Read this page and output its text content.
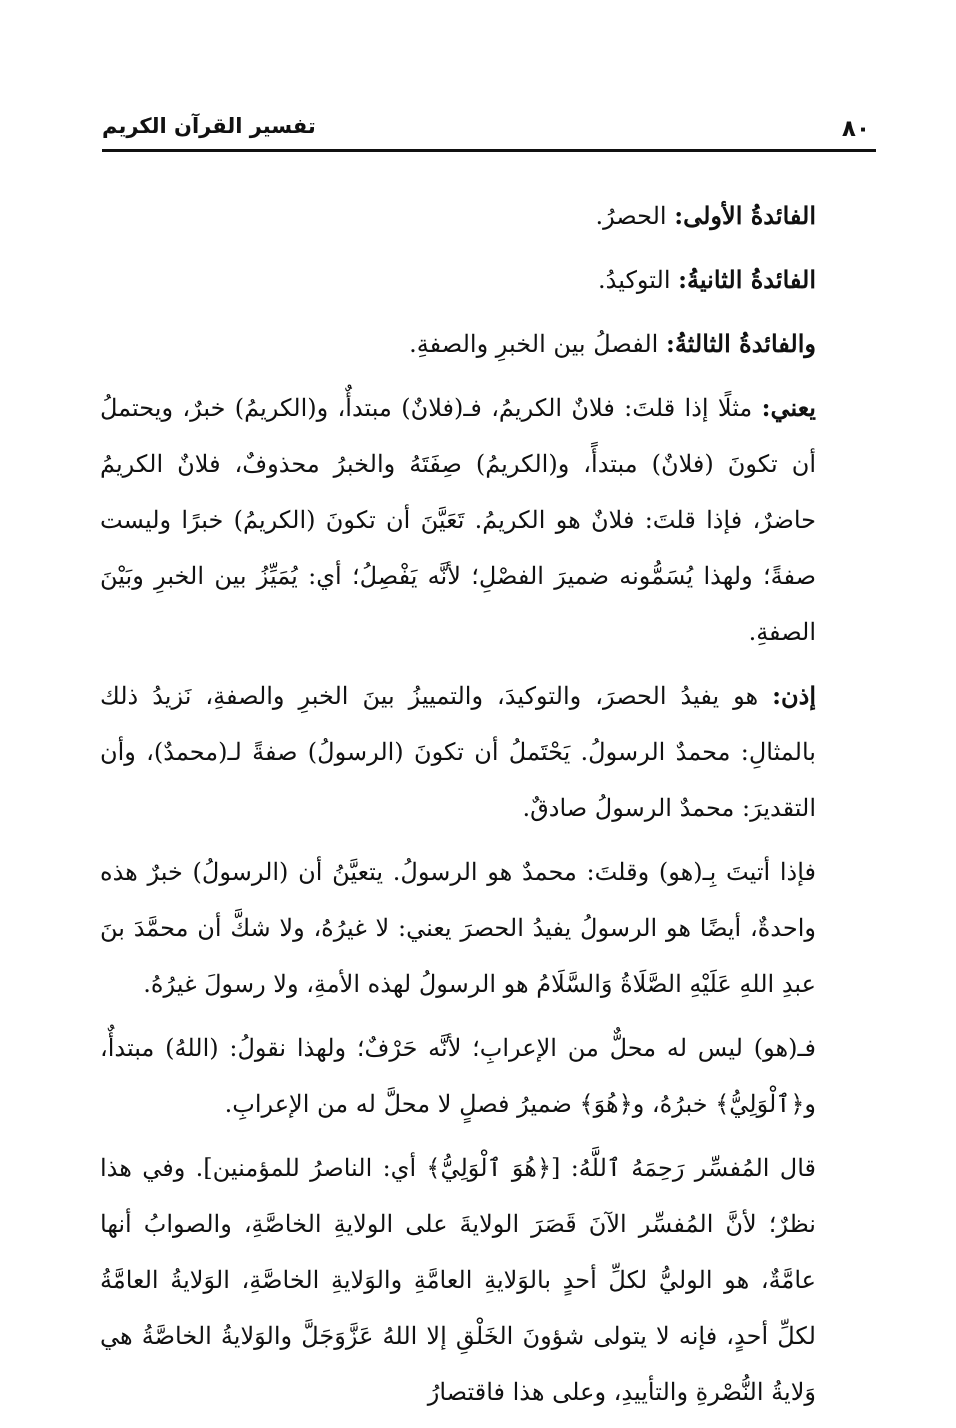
٨٠
تفسير القرآن الكريم

الفائدةُ الأولى: الحصرُ.

الفائدةُ الثانيةُ: التوكيدُ.

والفائدةُ الثالثةُ: الفصلُ بين الخبرِ والصفةِ.

يعني: مثلًا إذا قلتَ: فلانٌ الكريمُ، فـ(فلانٌ) مبتدأٌ، و(الكريمُ) خبرٌ، ويحتملُ أن تكونَ (فلانٌ) مبتدأً، و(الكريمُ) صِفَتَهُ والخبرُ محذوفٌ، فلانٌ الكريمُ حاضرٌ، فإذا قلتَ: فلانٌ هو الكريمُ. تَعَيَّنَ أن تكونَ (الكريمُ) خبرًا وليست صفةً؛ ولهذا يُسَمُّونه ضميرَ الفصْلِ؛ لأنَّه يَفْصِلُ؛ أي: يُمَيِّزُ بين الخبرِ وبَيْنَ الصفةِ.

إذن: هو يفيدُ الحصرَ، والتوكيدَ، والتمييزُ بينَ الخبرِ والصفةِ، نَزيدُ ذلك بالمثالِ: محمدٌ الرسولُ. يَحْتَملُ أن تكونَ (الرسولُ) صفةً لـ(محمدٌ)، وأن التقديرَ: محمدٌ الرسولُ صادقٌ.

فإذا أتيتَ بِـ(هو) وقلتَ: محمدٌ هو الرسولُ. يتعيَّنُ أن (الرسولُ) خبرٌ هذه واحدةٌ، أيضًا هو الرسولُ يفيدُ الحصرَ يعني: لا غيرُهُ، ولا شكَّ أن محمَّدَ بنَ عبدِ اللهِ عَلَيْهِ الصَّلَاةُ وَالسَّلَامُ هو الرسولُ لهذه الأمةِ، ولا رسولَ غيرُهُ.

فـ(هو) ليس له محلٌّ من الإعرابِ؛ لأنَّه حَرْفٌ؛ ولهذا نقولُ: (اللهُ) مبتدأٌ، و﴿ٱلْوَلِيُّ﴾ خبرُهُ، و﴿هُوَ﴾ ضميرُ فصلٍ لا محلَّ له من الإعرابِ.

قال المُفسِّر رَحِمَهُ ٱللَّهُ: [﴿هُوَ ٱلْوَلِيُّ﴾ أي: الناصرُ للمؤمنين]. وفي هذا نظرٌ؛ لأنَّ المُفسِّر الآنَ قَصَرَ الولايةَ على الولايةِ الخاصَّةِ، والصوابُ أنها عامَّةٌ، هو الوليُّ لكلِّ أحدٍ بالوَلايةِ العامَّةِ والوَلايةِ الخاصَّةِ، الوَلايةُ العامَّةُ لكلِّ أحدٍ، فإنه لا يتولى شؤونَ الخَلْقِ إلا اللهُ عَزَّوَجَلَّ والوَلايةُ الخاصَّةُ هي وَلايةُ النُّصْرةِ والتأييدِ، وعلى هذا فاقتصارُ
